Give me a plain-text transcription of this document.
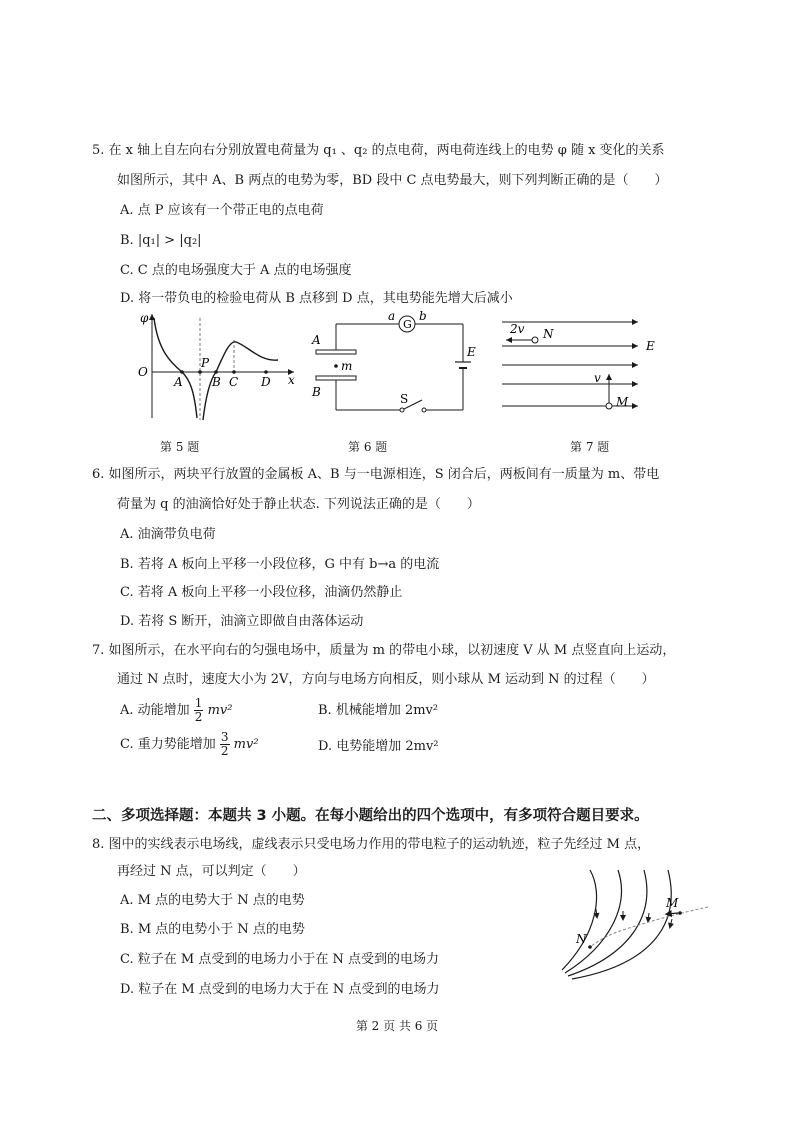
5. 在 x 轴上自左向右分别放置电荷量为 q₁ 、q₂ 的点电荷，两电荷连线上的电势 φ 随 x 变化的关系
如图所示，其中 A、B 两点的电势为零，BD 段中 C 点电势最大，则下列判断正确的是（　　）
A. 点 P 应该有一个带正电的点电荷
B. |q₁| > |q₂|
C. C 点的电场强度大于 A 点的电场强度
D. 将一带负电的检验电荷从 B 点移到 D 点，其电势能先增大后减小
φ
x
O
A
P
B C D
G
a b
A
B
m
S
E
2v N
E
v
M
第 5 题	第 6 题	第 7 题
6. 如图所示，两块平行放置的金属板 A、B 与一电源相连，S 闭合后，两板间有一质量为 m、带电
荷量为 q 的油滴恰好处于静止状态. 下列说法正确的是（　　）
A. 油滴带负电荷
B. 若将 A 板向上平移一小段位移，G 中有 b→a 的电流
C. 若将 A 板向上平移一小段位移，油滴仍然静止
D. 若将 S 断开，油滴立即做自由落体运动
7. 如图所示，在水平向右的匀强电场中，质量为 m 的带电小球，以初速度 V 从 M 点竖直向上运动，
通过 N 点时，速度大小为 2V，方向与电场方向相反，则小球从 M 运动到 N 的过程（　　）
A. 动能增加 $\frac{1}{2} mv^2$	B. 机械能增加 2mv²
C. 重力势能增加 $\frac{3}{2} mv^2$	D. 电势能增加 2mv²
二、多项选择题：本题共 3 小题。在每小题给出的四个选项中，有多项符合题目要求。
8. 图中的实线表示电场线，虚线表示只受电场力作用的带电粒子的运动轨迹，粒子先经过 M 点，
再经过 N 点，可以判定（　　）
A. M 点的电势大于 N 点的电势
B. M 点的电势小于 N 点的电势
C. 粒子在 M 点受到的电场力小于在 N 点受到的电场力
D. 粒子在 M 点受到的电场力大于在 N 点受到的电场力
M
N
第 2 页 共 6 页
